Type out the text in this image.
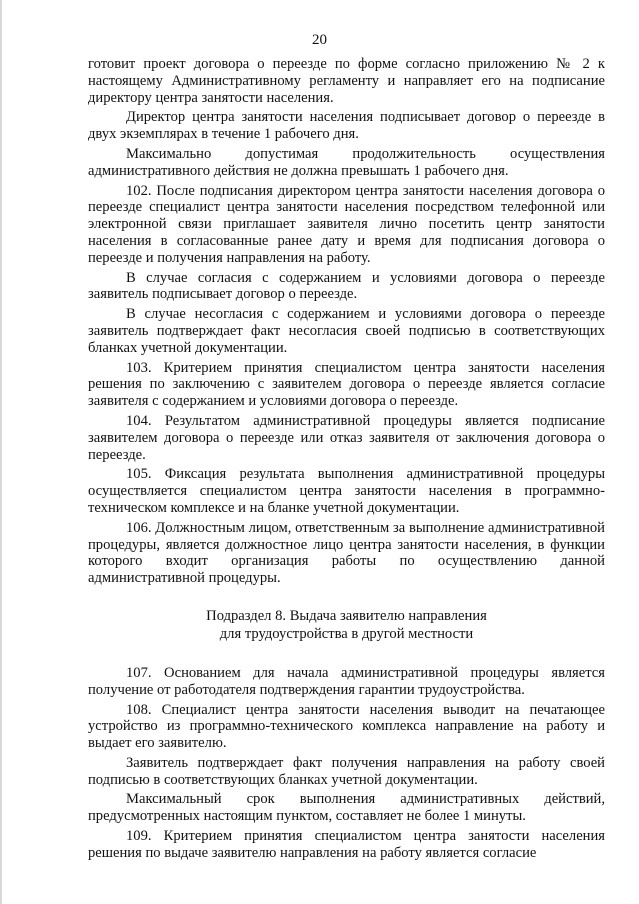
20

готовит проект договора о переезде по форме согласно приложению № 2 к настоящему Административному регламенту и направляет его на подписание директору центра занятости населения.

Директор центра занятости населения подписывает договор о переезде в двух экземплярах в течение 1 рабочего дня.

Максимально допустимая продолжительность осуществления административного действия не должна превышать 1 рабочего дня.

102. После подписания директором центра занятости населения договора о переезде специалист центра занятости населения посредством телефонной или электронной связи приглашает заявителя лично посетить центр занятости населения в согласованные ранее дату и время для подписания договора о переезде и получения направления на работу.

В случае согласия с содержанием и условиями договора о переезде заявитель подписывает договор о переезде.

В случае несогласия с содержанием и условиями договора о переезде заявитель подтверждает факт несогласия своей подписью в соответствующих бланках учетной документации.

103. Критерием принятия специалистом центра занятости населения решения по заключению с заявителем договора о переезде является согласие заявителя с содержанием и условиями договора о переезде.

104. Результатом административной процедуры является подписание заявителем договора о переезде или отказ заявителя от заключения договора о переезде.

105. Фиксация результата выполнения административной процедуры осуществляется специалистом центра занятости населения в программно-техническом комплексе и на бланке учетной документации.

106. Должностным лицом, ответственным за выполнение административной процедуры, является должностное лицо центра занятости населения, в функции которого входит организация работы по осуществлению данной административной процедуры.

Подраздел 8. Выдача заявителю направления
для трудоустройства в другой местности

107. Основанием для начала административной процедуры является получение от работодателя подтверждения гарантии трудоустройства.

108. Специалист центра занятости населения выводит на печатающее устройство из программно-технического комплекса направление на работу и выдает его заявителю.

Заявитель подтверждает факт получения направления на работу своей подписью в соответствующих бланках учетной документации.

Максимальный срок выполнения административных действий, предусмотренных настоящим пунктом, составляет не более 1 минуты.

109. Критерием принятия специалистом центра занятости населения решения по выдаче заявителю направления на работу является согласие
